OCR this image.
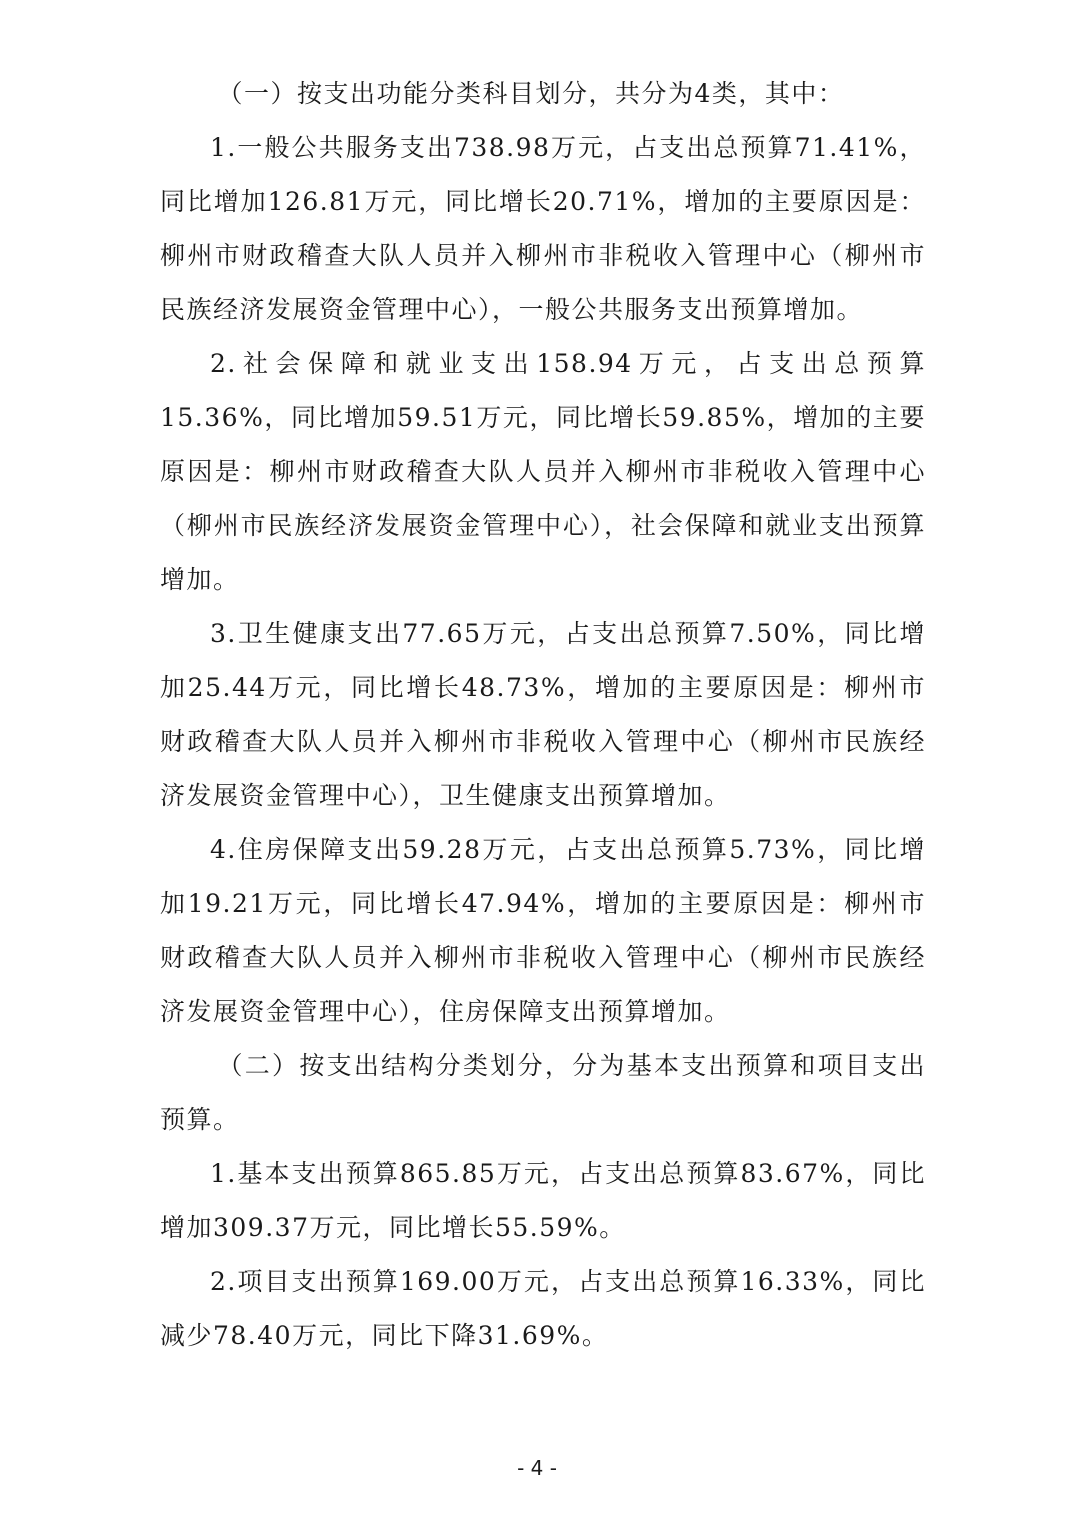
（一）按支出功能分类科目划分，共分为4类，其中：

1.一般公共服务支出738.98万元，占支出总预算71.41%，同比增加126.81万元，同比增长20.71%，增加的主要原因是：柳州市财政稽查大队人员并入柳州市非税收入管理中心（柳州市民族经济发展资金管理中心），一般公共服务支出预算增加。

2.社会保障和就业支出158.94万元，占支出总预算15.36%，同比增加59.51万元，同比增长59.85%，增加的主要原因是：柳州市财政稽查大队人员并入柳州市非税收入管理中心（柳州市民族经济发展资金管理中心），社会保障和就业支出预算增加。

3.卫生健康支出77.65万元，占支出总预算7.50%，同比增加25.44万元，同比增长48.73%，增加的主要原因是：柳州市财政稽查大队人员并入柳州市非税收入管理中心（柳州市民族经济发展资金管理中心），卫生健康支出预算增加。

4.住房保障支出59.28万元，占支出总预算5.73%，同比增加19.21万元，同比增长47.94%，增加的主要原因是：柳州市财政稽查大队人员并入柳州市非税收入管理中心（柳州市民族经济发展资金管理中心），住房保障支出预算增加。

（二）按支出结构分类划分，分为基本支出预算和项目支出预算。

1.基本支出预算865.85万元，占支出总预算83.67%，同比增加309.37万元，同比增长55.59%。

2.项目支出预算169.00万元，占支出总预算16.33%，同比减少78.40万元，同比下降31.69%。

- 4 -
